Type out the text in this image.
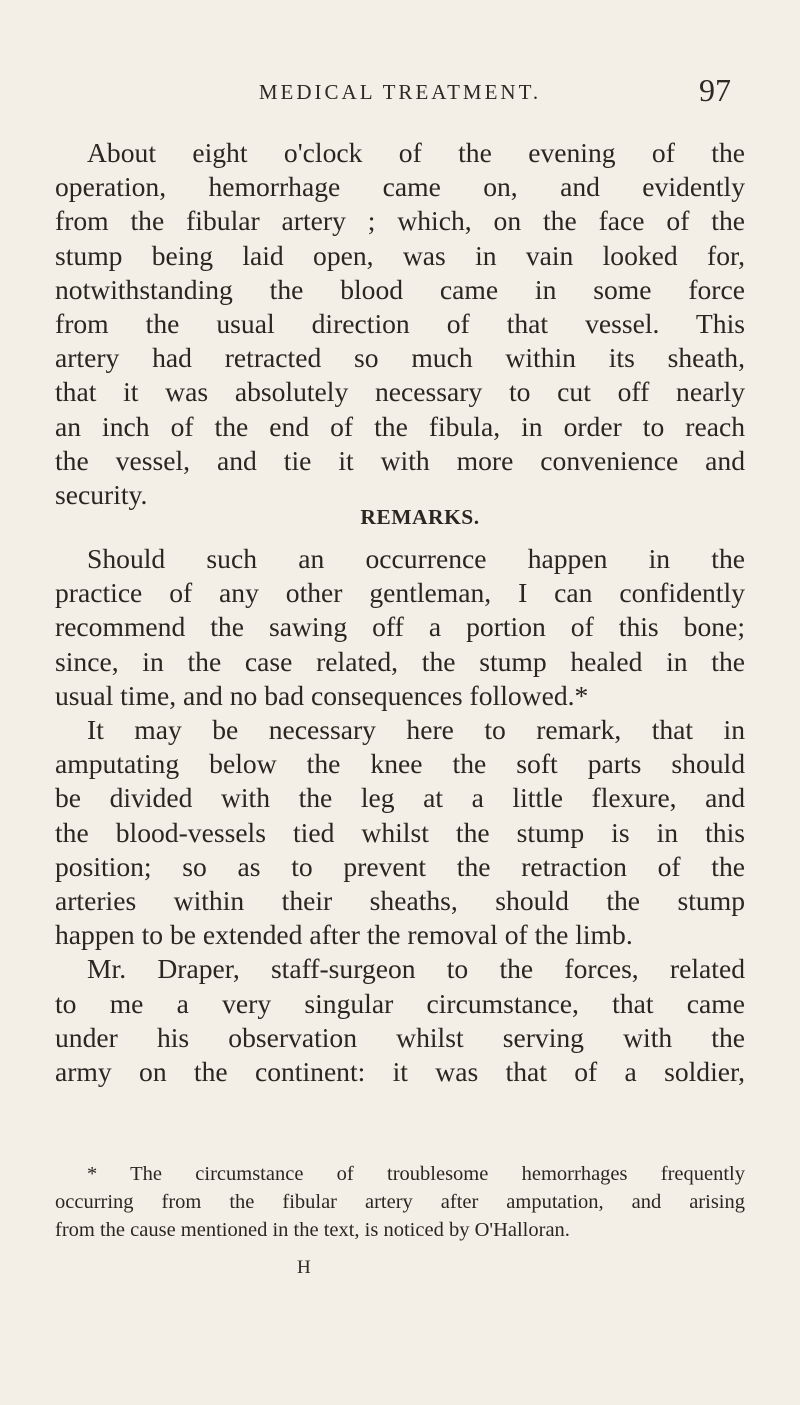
MEDICAL TREATMENT.	97
About eight o'clock of the evening of the
operation, hemorrhage came on, and evidently
from the fibular artery ; which, on the face of the
stump being laid open, was in vain looked for,
notwithstanding the blood came in some force
from the usual direction of that vessel. This
artery had retracted so much within its sheath,
that it was absolutely necessary to cut off nearly
an inch of the end of the fibula, in order to reach
the vessel, and tie it with more convenience and
security.
REMARKS.
Should such an occurrence happen in the
practice of any other gentleman, I can confidently
recommend the sawing off a portion of this bone;
since, in the case related, the stump healed in the
usual time, and no bad consequences followed.*
It may be necessary here to remark, that in
amputating below the knee the soft parts should
be divided with the leg at a little flexure, and
the blood-vessels tied whilst the stump is in this
position; so as to prevent the retraction of the
arteries within their sheaths, should the stump
happen to be extended after the removal of the limb.
Mr. Draper, staff-surgeon to the forces, related
to me a very singular circumstance, that came
under his observation whilst serving with the
army on the continent: it was that of a soldier,
* The circumstance of troublesome hemorrhages frequently
occurring from the fibular artery after amputation, and arising
from the cause mentioned in the text, is noticed by O'Halloran.
H
